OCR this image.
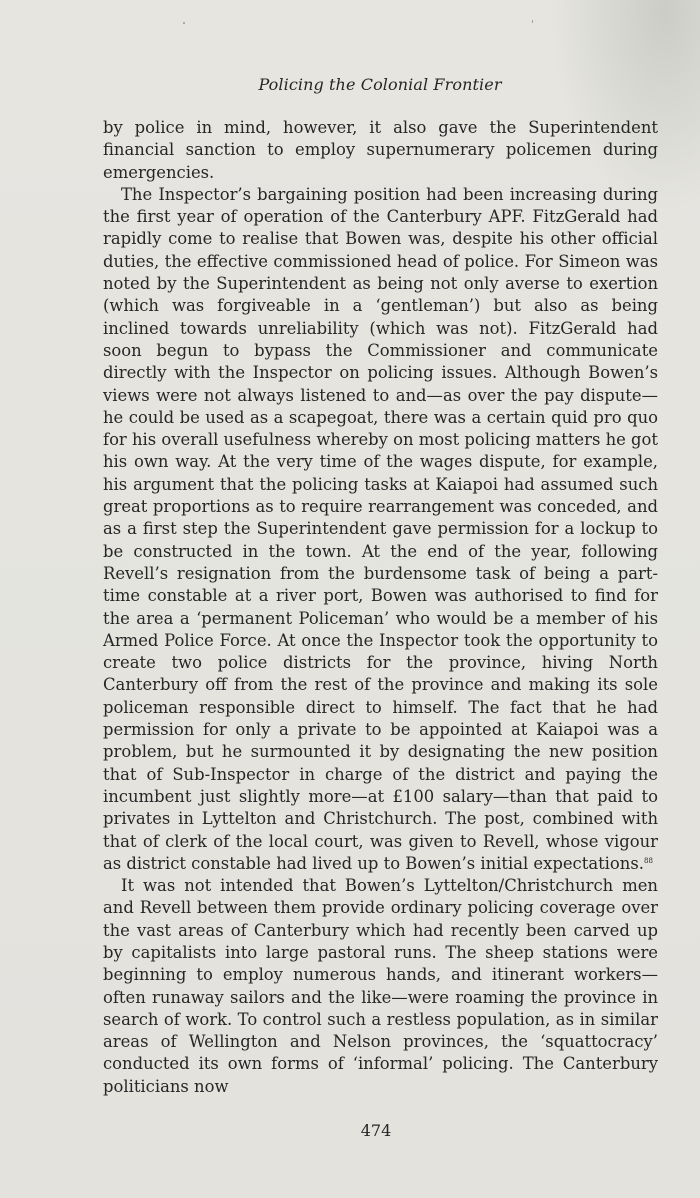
Policing the Colonial Frontier

by police in mind, however, it also gave the Superintendent financial sanction to employ supernumerary policemen during emergencies.

The Inspector’s bargaining position had been increasing during the first year of operation of the Canterbury APF. FitzGerald had rapidly come to realise that Bowen was, despite his other official duties, the effective commissioned head of police. For Simeon was noted by the Superintendent as being not only averse to exertion (which was forgiveable in a ‘gentleman’) but also as being inclined towards unreliability (which was not). FitzGerald had soon begun to bypass the Commissioner and communicate directly with the Inspector on policing issues. Although Bowen’s views were not always listened to and—as over the pay dispute—he could be used as a scapegoat, there was a certain quid pro quo for his overall usefulness whereby on most policing matters he got his own way. At the very time of the wages dispute, for example, his argument that the policing tasks at Kaiapoi had assumed such great proportions as to require rearrangement was conceded, and as a first step the Superintendent gave permission for a lockup to be constructed in the town. At the end of the year, following Revell’s resignation from the burdensome task of being a part-time constable at a river port, Bowen was authorised to find for the area a ‘permanent Policeman’ who would be a member of his Armed Police Force. At once the Inspector took the opportunity to create two police districts for the province, hiving North Canterbury off from the rest of the province and making its sole policeman responsible direct to himself. The fact that he had permission for only a private to be appointed at Kaiapoi was a problem, but he surmounted it by designating the new position that of Sub-Inspector in charge of the district and paying the incumbent just slightly more—at £100 salary—than that paid to privates in Lyttelton and Christchurch. The post, combined with that of clerk of the local court, was given to Revell, whose vigour as district constable had lived up to Bowen’s initial expectations.$^{88}$

It was not intended that Bowen’s Lyttelton/Christchurch men and Revell between them provide ordinary policing coverage over the vast areas of Canterbury which had recently been carved up by capitalists into large pastoral runs. The sheep stations were beginning to employ numerous hands, and itinerant workers—often runaway sailors and the like—were roaming the province in search of work. To control such a restless population, as in similar areas of Wellington and Nelson provinces, the ‘squattocracy’ conducted its own forms of ‘informal’ policing. The Canterbury politicians now

474
